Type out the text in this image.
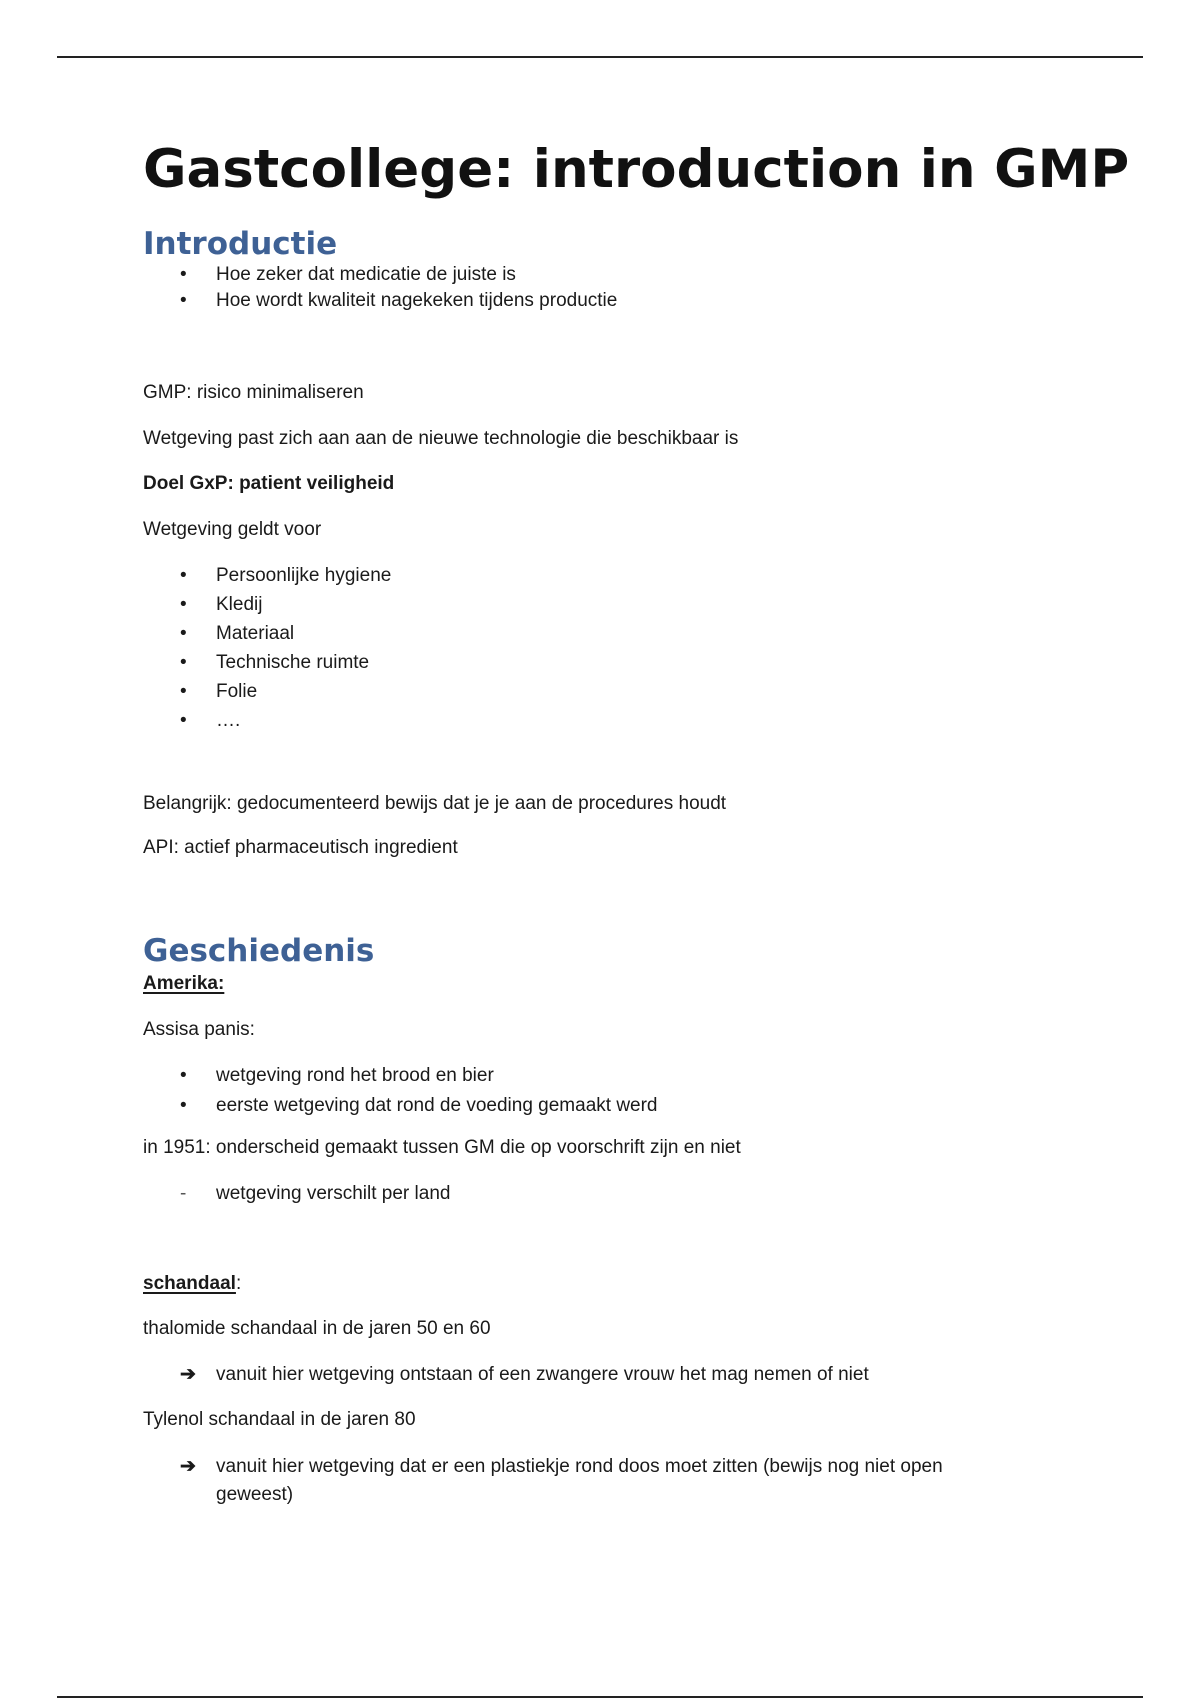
Gastcollege: introduction in GMP
Introductie
• Hoe zeker dat medicatie de juiste is
• Hoe wordt kwaliteit nagekeken tijdens productie

GMP: risico minimaliseren

Wetgeving past zich aan aan de nieuwe technologie die beschikbaar is

Doel GxP: patient veiligheid

Wetgeving geldt voor

• Persoonlijke hygiene
• Kledij
• Materiaal
• Technische ruimte
• Folie
• ….

Belangrijk: gedocumenteerd bewijs dat je je aan de procedures houdt

API: actief pharmaceutisch ingredient

Geschiedenis

Amerika:

Assisa panis:

• wetgeving rond het brood en bier
• eerste wetgeving dat rond de voeding gemaakt werd

in 1951: onderscheid gemaakt tussen GM die op voorschrift zijn en niet

- wetgeving verschilt per land

schandaal:

thalomide schandaal in de jaren 50 en 60

➔ vanuit hier wetgeving ontstaan of een zwangere vrouw het mag nemen of niet

Tylenol schandaal in de jaren 80

➔ vanuit hier wetgeving dat er een plastiekje rond doos moet zitten (bewijs nog niet open geweest)
